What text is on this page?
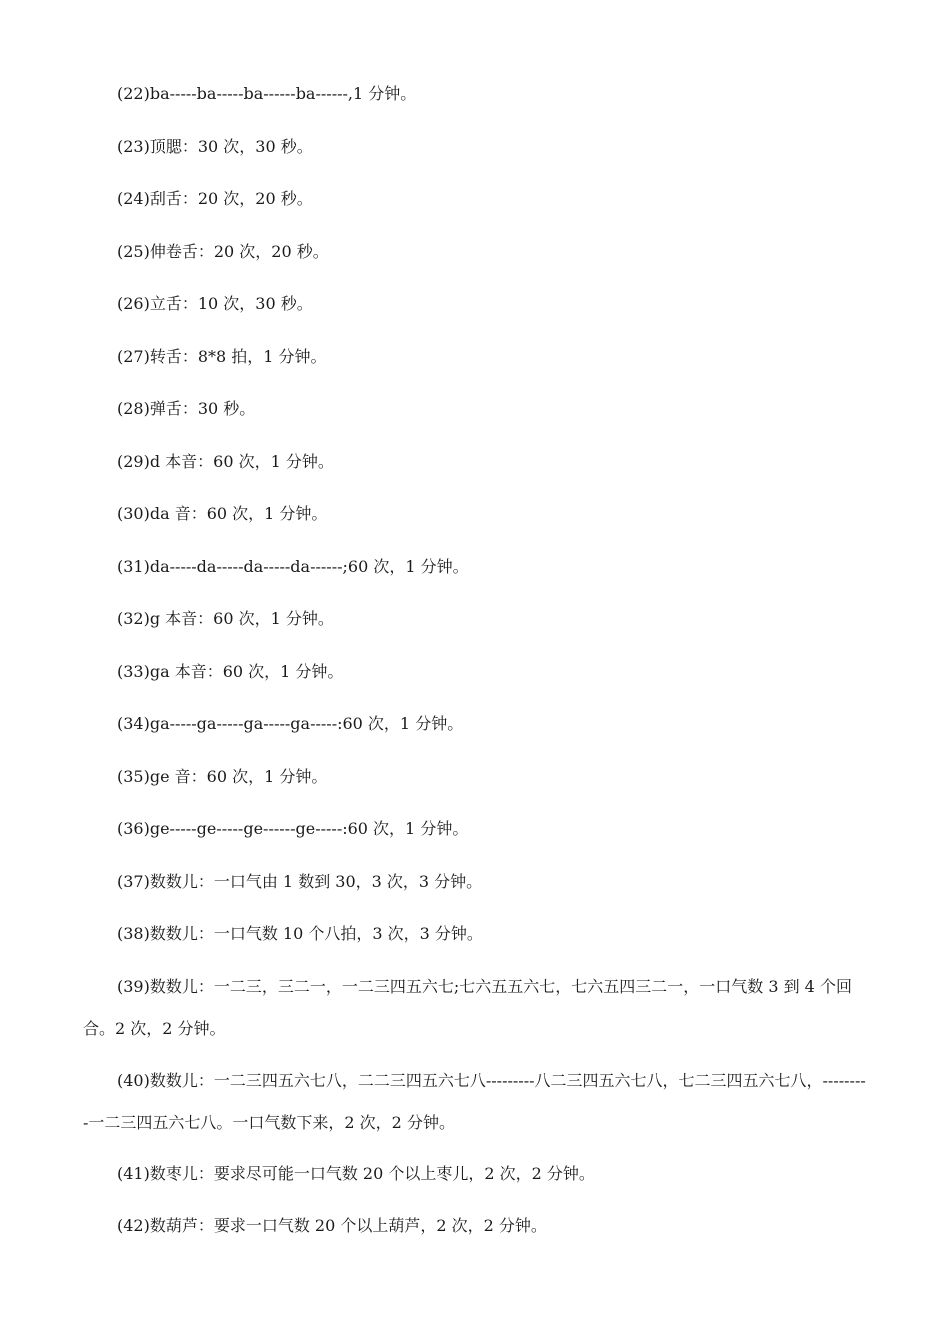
(22)ba-----ba-----ba------ba------,1 分钟。

(23)顶腮：30 次，30 秒。

(24)刮舌：20 次，20 秒。

(25)伸卷舌：20 次，20 秒。

(26)立舌：10 次，30 秒。

(27)转舌：8*8 拍，1 分钟。

(28)弹舌：30 秒。

(29)d 本音：60 次，1 分钟。

(30)da 音：60 次，1 分钟。

(31)da-----da-----da-----da------;60 次，1 分钟。

(32)g 本音：60 次，1 分钟。

(33)ga 本音：60 次，1 分钟。

(34)ga-----ga-----ga-----ga-----:60 次，1 分钟。

(35)ge 音：60 次，1 分钟。

(36)ge-----ge-----ge------ge-----:60 次，1 分钟。

(37)数数儿：一口气由 1 数到 30，3 次，3 分钟。

(38)数数儿：一口气数 10 个八拍，3 次，3 分钟。

(39)数数儿：一二三，三二一，一二三四五六七;七六五五六七，七六五四三二一，一口气数 3 到 4 个回合。2 次，2 分钟。

(40)数数儿：一二三四五六七八，二二三四五六七八---------八二三四五六七八，七二三四五六七八，---------一二三四五六七八。一口气数下来，2 次，2 分钟。

(41)数枣儿：要求尽可能一口气数 20 个以上枣儿，2 次，2 分钟。

(42)数葫芦：要求一口气数 20 个以上葫芦，2 次，2 分钟。
